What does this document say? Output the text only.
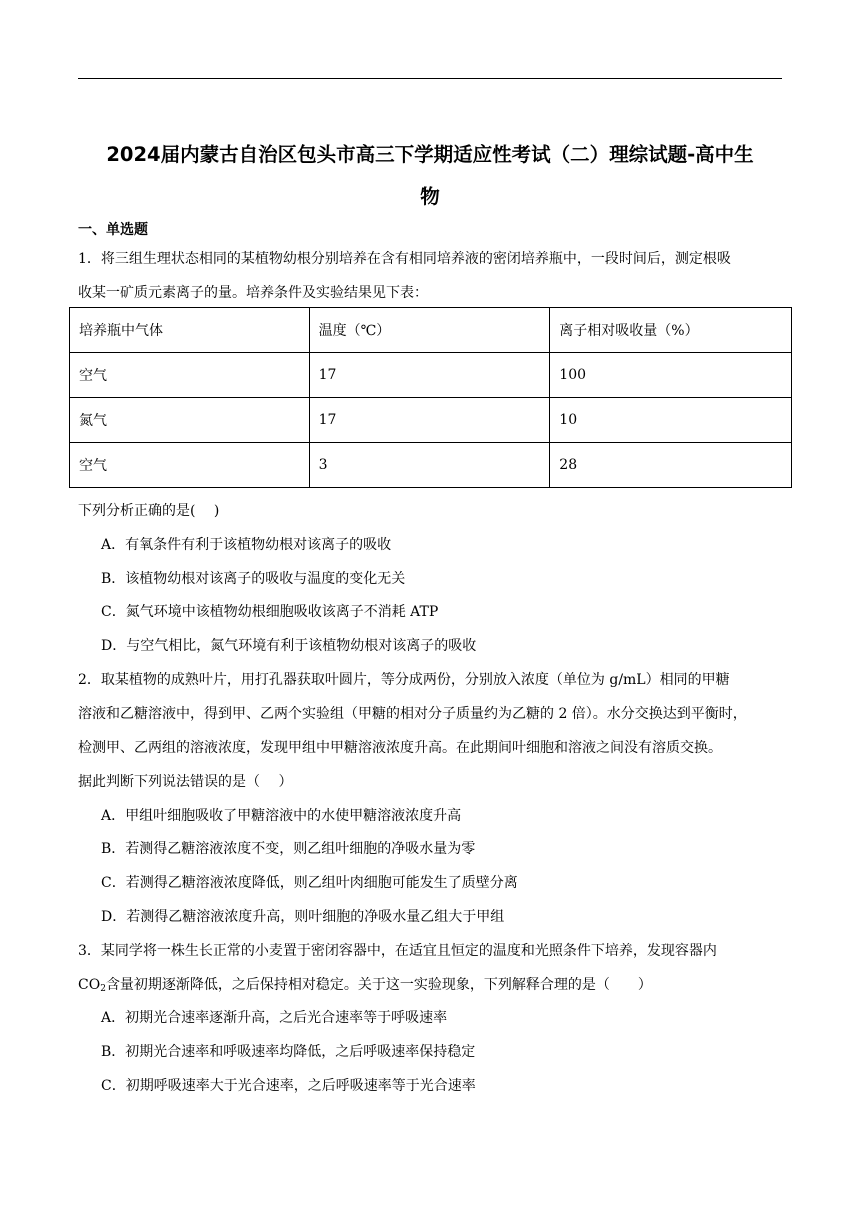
2024届内蒙古自治区包头市高三下学期适应性考试（二）理综试题-高中生
物
一、单选题
1．将三组生理状态相同的某植物幼根分别培养在含有相同培养液的密闭培养瓶中，一段时间后，测定根吸
收某一矿质元素离子的量。培养条件及实验结果见下表：
培养瓶中气体	温度（℃）	离子相对吸收量（%）
空气	17	100
氮气	17	10
空气	3	28
下列分析正确的是(　 )
A．有氧条件有利于该植物幼根对该离子的吸收
B．该植物幼根对该离子的吸收与温度的变化无关
C．氮气环境中该植物幼根细胞吸收该离子不消耗 ATP
D．与空气相比，氮气环境有利于该植物幼根对该离子的吸收
2．取某植物的成熟叶片，用打孔器获取叶圆片，等分成两份，分别放入浓度（单位为 g/mL）相同的甲糖
溶液和乙糖溶液中，得到甲、乙两个实验组（甲糖的相对分子质量约为乙糖的 2 倍）。水分交换达到平衡时，
检测甲、乙两组的溶液浓度，发现甲组中甲糖溶液浓度升高。在此期间叶细胞和溶液之间没有溶质交换。
据此判断下列说法错误的是（　 ）
A．甲组叶细胞吸收了甲糖溶液中的水使甲糖溶液浓度升高
B．若测得乙糖溶液浓度不变，则乙组叶细胞的净吸水量为零
C．若测得乙糖溶液浓度降低，则乙组叶肉细胞可能发生了质壁分离
D．若测得乙糖溶液浓度升高，则叶细胞的净吸水量乙组大于甲组
3．某同学将一株生长正常的小麦置于密闭容器中，在适宜且恒定的温度和光照条件下培养，发现容器内
$CO_2$含量初期逐渐降低，之后保持相对稳定。关于这一实验现象，下列解释合理的是（　　）
A．初期光合速率逐渐升高，之后光合速率等于呼吸速率
B．初期光合速率和呼吸速率均降低，之后呼吸速率保持稳定
C．初期呼吸速率大于光合速率，之后呼吸速率等于光合速率
